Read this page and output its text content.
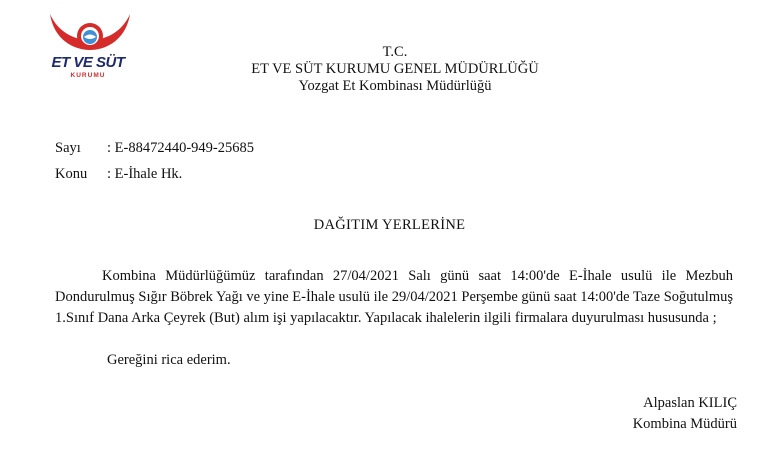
ET VE SÜT
KURUMU
T.C.
ET VE SÜT KURUMU GENEL MÜDÜRLÜĞÜ
Yozgat Et Kombinası Müdürlüğü
Sayı : E-88472440-949-25685
Konu : E-İhale Hk.
DAĞITIM YERLERİNE
Kombina Müdürlüğümüz tarafından 27/04/2021 Salı günü saat 14:00'de E-İhale usulü ile Mezbuh Dondurulmuş Sığır Böbrek Yağı ve yine E-İhale usulü ile 29/04/2021 Perşembe günü saat 14:00'de Taze Soğutulmuş 1.Sınıf Dana Arka Çeyrek (But) alım işi yapılacaktır. Yapılacak ihalelerin ilgili firmalara duyurulması hususunda ;
Gereğini rica ederim.
Alpaslan KILIÇ
Kombina Müdürü
